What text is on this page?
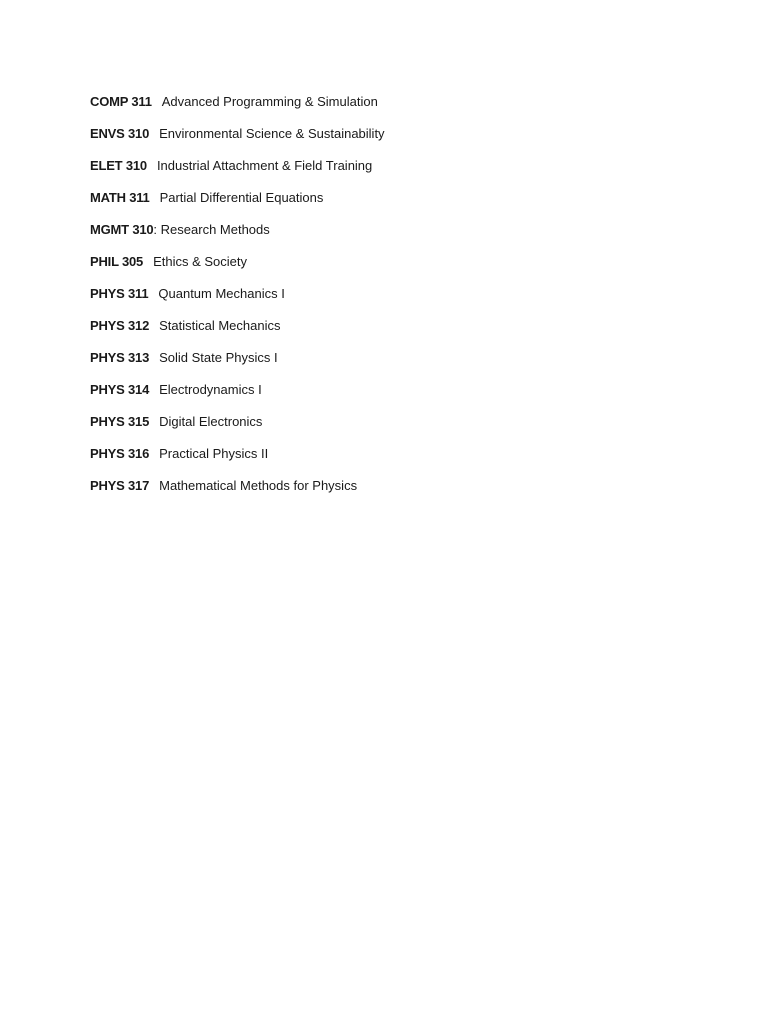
COMP 311 Advanced Programming & Simulation
ENVS 310 Environmental Science & Sustainability
ELET 310 Industrial Attachment & Field Training
MATH 311 Partial Differential Equations
MGMT 310: Research Methods
PHIL 305 Ethics & Society
PHYS 311 Quantum Mechanics I
PHYS 312 Statistical Mechanics
PHYS 313 Solid State Physics I
PHYS 314 Electrodynamics I
PHYS 315 Digital Electronics
PHYS 316 Practical Physics II
PHYS 317 Mathematical Methods for Physics
